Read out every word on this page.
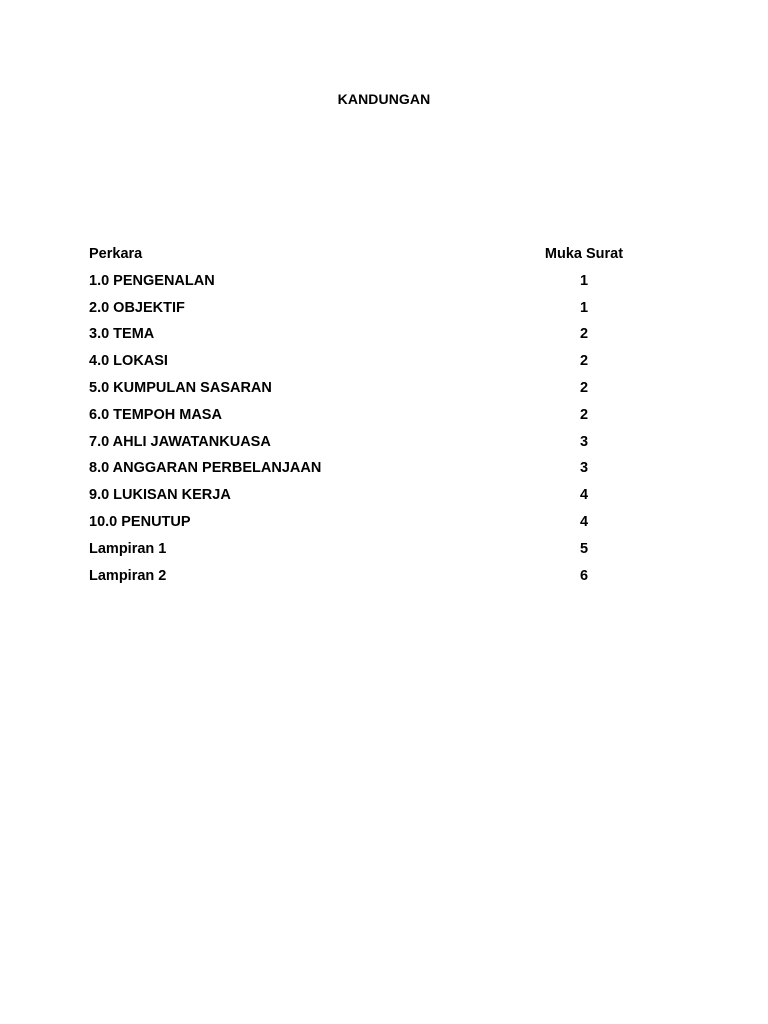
KANDUNGAN
Perkara	Muka Surat
1.0 PENGENALAN	1
2.0 OBJEKTIF	1
3.0 TEMA	2
4.0 LOKASI	2
5.0 KUMPULAN SASARAN	2
6.0 TEMPOH MASA	2
7.0 AHLI JAWATANKUASA	3
8.0 ANGGARAN PERBELANJAAN	3
9.0 LUKISAN KERJA	4
10.0 PENUTUP	4
Lampiran 1	5
Lampiran 2	6
